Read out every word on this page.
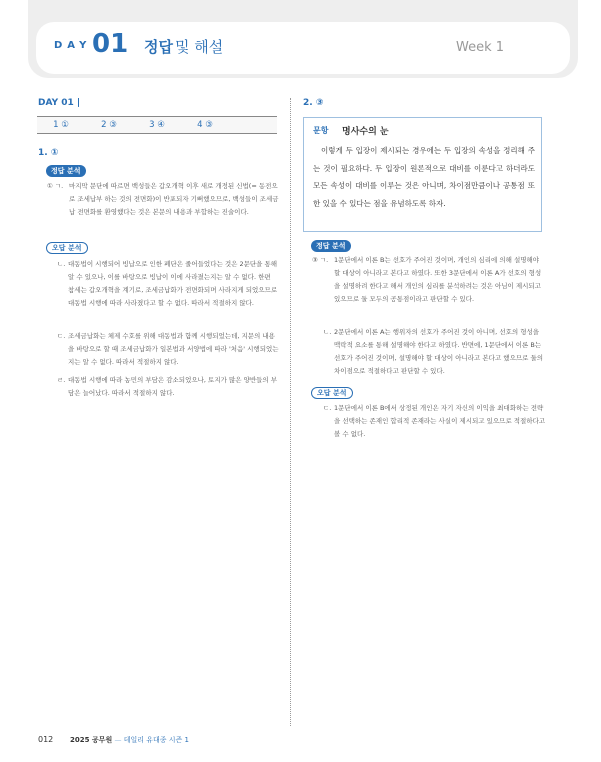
DAY 01 정답 및 해설	Week 1
DAY 01 |
1 ①	2 ③	3 ④	4 ③
1. ①
정답 분석
① ㄱ. 마지막 문단에 따르면 백성들은 갑오개혁 이후 새로 개정된 신법(= 동전으로 조세납부 하는 것의 전면화)이 반포되자 기뻐했으므로, 백성들이 조세금납 전면화를 환영했다는 것은 본문의 내용과 부합하는 진술이다.
오답 분석
ㄴ. 대동법이 시행되어 빙납으로 인한 폐단은 줄어들었다는 것은 2문단을 통해 알 수 있으나, 이를 바탕으로 빙납이 이에 사라졌는지는 알 수 없다. 한편 참세는 갑오개혁을 계기로, 조세금납화가 전면화되며 사라지게 되었으므로 대동법 시행에 따라 사라졌다고 할 수 없다. 따라서 적절하지 않다.
ㄷ. 조세금납화는 체제 수호를 위해 대동법과 함께 시행되었는데, 지문의 내용을 바탕으로 할 때 조세금납화가 일본법과 서양법에 따라 '처음' 시행되었는지는 알 수 없다. 따라서 적절하지 않다.
ㄹ. 대동법 시행에 따라 농민의 부담은 감소되었으나, 토지가 많은 양반들의 부담은 늘어났다. 따라서 적절하지 않다.
2. ③
문항 명사수의 눈
이렇게 두 입장이 제시되는 경우에는 두 입장의 속성을 정리해 주는 것이 필요하다. 두 입장이 원론적으로 대비를 이룬다고 하더라도 모든 속성이 대비를 이루는 것은 아니며, 차이점만큼이나 공통점 또한 있을 수 있다는 점을 유념하도록 하자.
정답 분석
③ ㄱ. 1문단에서 이론 B는 선호가 주어진 것이며, 개인의 심리에 의해 설명해야 할 대상이 아니라고 본다고 하였다. 또한 3문단에서 이론 A가 선호의 형성을 설명하려 한다고 해서 개인의 심리를 분석하려는 것은 아님이 제시되고 있으므로 둘 모두의 공통점이라고 판단할 수 있다.
ㄴ. 2문단에서 이론 A는 행위자의 선호가 주어진 것이 아니며, 선호의 형성을 맥락적 요소를 통해 설명해야 한다고 하였다. 반면에, 1문단에서 이론 B는 선호가 주어진 것이며, 설명해야 할 대상이 아니라고 본다고 했으므로 둘의 차이점으로 적절하다고 판단할 수 있다.
오답 분석
ㄷ. 1문단에서 이론 B에서 상정된 개인은 자기 자신의 이익을 최대화하는 전략을 선택하는 존재인 합리적 존재라는 사실이 제시되고 있으므로 적절하다고 볼 수 없다.
012 2025 공무원 — 데일리 유대종 시즌 1
